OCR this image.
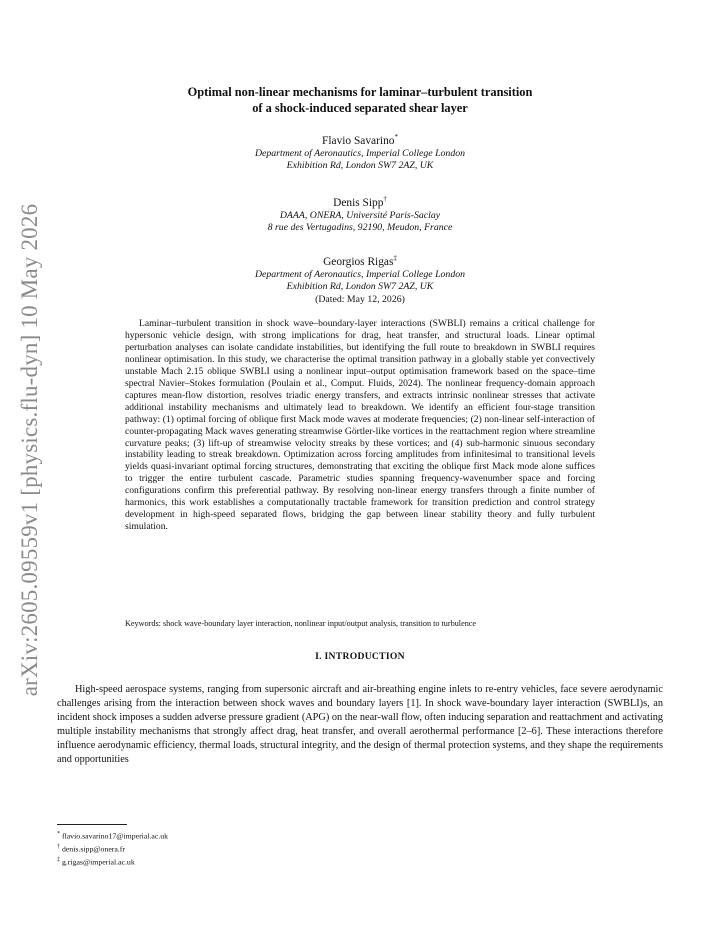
arXiv:2605.09559v1 [physics.flu-dyn] 10 May 2026
Optimal non-linear mechanisms for laminar–turbulent transition
of a shock-induced separated shear layer
Flavio Savarino*
Department of Aeronautics, Imperial College London
Exhibition Rd, London SW7 2AZ, UK
Denis Sipp†
DAAA, ONERA, Université Paris-Saclay
8 rue des Vertugadins, 92190, Meudon, France
Georgios Rigas‡
Department of Aeronautics, Imperial College London
Exhibition Rd, London SW7 2AZ, UK
(Dated: May 12, 2026)
Laminar–turbulent transition in shock wave–boundary-layer interactions (SWBLI) remains a critical challenge for hypersonic vehicle design, with strong implications for drag, heat transfer, and structural loads. Linear optimal perturbation analyses can isolate candidate instabilities, but identifying the full route to breakdown in SWBLI requires nonlinear optimisation. In this study, we characterise the optimal transition pathway in a globally stable yet convectively unstable Mach 2.15 oblique SWBLI using a nonlinear input–output optimisation framework based on the space–time spectral Navier–Stokes formulation (Poulain et al., Comput. Fluids, 2024). The nonlinear frequency-domain approach captures mean-flow distortion, resolves triadic energy transfers, and extracts intrinsic nonlinear stresses that activate additional instability mechanisms and ultimately lead to breakdown. We identify an efficient four-stage transition pathway: (1) optimal forcing of oblique first Mack mode waves at moderate frequencies; (2) non-linear self-interaction of counter-propagating Mack waves generating streamwise Görtler-like vortices in the reattachment region where streamline curvature peaks; (3) lift-up of streamwise velocity streaks by these vortices; and (4) sub-harmonic sinuous secondary instability leading to streak breakdown. Optimization across forcing amplitudes from infinitesimal to transitional levels yields quasi-invariant optimal forcing structures, demonstrating that exciting the oblique first Mack mode alone suffices to trigger the entire turbulent cascade. Parametric studies spanning frequency-wavenumber space and forcing configurations confirm this preferential pathway. By resolving non-linear energy transfers through a finite number of harmonics, this work establishes a computationally tractable framework for transition prediction and control strategy development in high-speed separated flows, bridging the gap between linear stability theory and fully turbulent simulation.
Keywords: shock wave-boundary layer interaction, nonlinear input/output analysis, transition to turbulence
I. INTRODUCTION
High-speed aerospace systems, ranging from supersonic aircraft and air-breathing engine inlets to re-entry vehicles, face severe aerodynamic challenges arising from the interaction between shock waves and boundary layers [1]. In shock wave-boundary layer interaction (SWBLI)s, an incident shock imposes a sudden adverse pressure gradient (APG) on the near-wall flow, often inducing separation and reattachment and activating multiple instability mechanisms that strongly affect drag, heat transfer, and overall aerothermal performance [2–6]. These interactions therefore influence aerodynamic efficiency, thermal loads, structural integrity, and the design of thermal protection systems, and they shape the requirements and opportunities
* flavio.savarino17@imperial.ac.uk
† denis.sipp@onera.fr
‡ g.rigas@imperial.ac.uk
